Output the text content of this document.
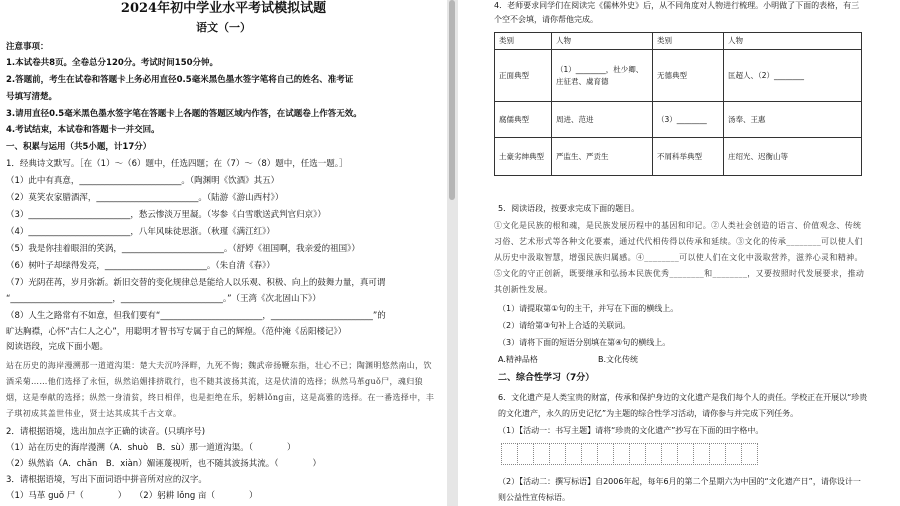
2024年初中学业水平考试模拟试题
语文（一）
注意事项：
1.本试卷共8页。全卷总分120分。考试时间150分钟。
2.答题前，考生在试卷和答题卡上务必用直径0.5毫米黑色墨水签字笔将自己的姓名、准考证
号填写清楚。
3.请用直径0.5毫米黑色墨水签字笔在答题卡上各题的答题区域内作答，在试题卷上作答无效。
4.考试结束，本试卷和答题卡一并交回。
一、积累与运用（共5小题，计17分）
1．经典诗文默写。［在（1）～（6）题中，任选四题；在（7）～（8）题中，任选一题。］
（1）此中有真意，________________________。（陶渊明《饮酒》其五）
（2）莫笑农家腊酒浑，________________________。（陆游《游山西村》）
（3）________________________，愁云惨淡万里凝。（岑参《白雪歌送武判官归京》）
（4）________________________，八年风味徒思浙。（秋瑾《满江红》）
（5）我是你挂着眼泪的笑涡，________________________。（舒婷《祖国啊，我亲爱的祖国》）
（6）树叶子却绿得发亮，________________________。（朱自清《春》）
（7）光阴荏苒，岁月弥新。新旧交替的变化规律总是能给人以乐观、积极、向上的鼓舞力量，真可谓
“________________________，________________________。”（王湾《次北固山下》）
（8）人生之路常有不如意，但我们要有“________________________，________________________”的
旷达胸襟，心怀“古仁人之心”，用聪明才智书写专属于自己的辉煌。（范仲淹《岳阳楼记》）
阅读语段，完成下面小题。
站在历史的海岸漫溯那一道道沟渠：楚大夫沉吟泽畔，九死不悔；魏武帝扬鞭东指，壮心不已；陶渊明悠然南山，饮酒采菊……他们选择了永恒，纵然谄媚排挤耽行，也不随其波扬其流，这是伏清的选择；纵然马革guǒ尸，魂归狼烟，这是奉献的选择；纵然一身清贫，终日相伴，也是拒绝在乐，躬耕lǒng亩，这是高雅的选择。在一番选择中，丰子琪初成其盖世伟业，贤士达其成其千古文章。
2．请根据语境，选出加点字正确的读音。(只填序号)
（1）站在历史的海岸漫溯（A．shuò　B．sù）那一道道沟渠。（　　　　）
（2）纵然谄（A．chǎn　B．xiàn）媚诬蔑视听，也不随其波扬其流。（　　　　）
3．请根据语境，写出下面词语中拼音所对应的汉字。
（1）马革 guǒ 尸（　　　　）　　（2）躬耕 lǒng 亩（　　　　）
4．老师要求同学们在阅读完《儒林外史》后，从不同角度对人物进行梳理。小明做了下面的表格，有三个空不会填，请你帮他完成。
类别	人物	类别	人物
正面典型	（1）________，杜少卿、庄征君、虞育德	无德典型	匡超人、（2）________
腐儒典型	周进、范进	（3）________	汤奉、王惠
土豪劣绅典型	严监生、严贡生	不屑科举典型	庄绍光、迟衡山等
5．阅读语段，按要求完成下面的题目。
①文化是民族的根和魂，是民族发展历程中的基因和印记。②人类社会创造的语言、价值观念、传统习俗、艺术形式等各种文化要素，通过代代相传得以传承和延续。③文化的传承________可以使人们从历史中汲取智慧，增强民族归属感。④________可以使人们在文化中汲取营养，滋养心灵和精神。⑤文化的守正创新，既要继承和弘扬本民族优秀________和________，又要按照时代发展要求，推动其创新性发展。
（1）请提取第①句的主干，并写在下面的横线上。
（2）请给第③句补上合适的关联词。
（3）请将下面的短语分别填在第④句的横线上。
A.精神品格	B.文化传统
二、综合性学习（7分）
6．文化遗产是人类宝贵的财富，传承和保护身边的文化遗产是我们每个人的责任。学校正在开展以“珍贵
的文化遗产，永久的历史记忆”为主题的综合性学习活动，请你参与并完成下列任务。
（1）【活动一：书写主题】请将“珍贵的文化遗产”抄写在下面的田字格中。
（2）【活动二：撰写标语】自2006年起，每年6月的第二个星期六为中国的“文化遗产日”，请你设计一
则公益性宣传标语。
